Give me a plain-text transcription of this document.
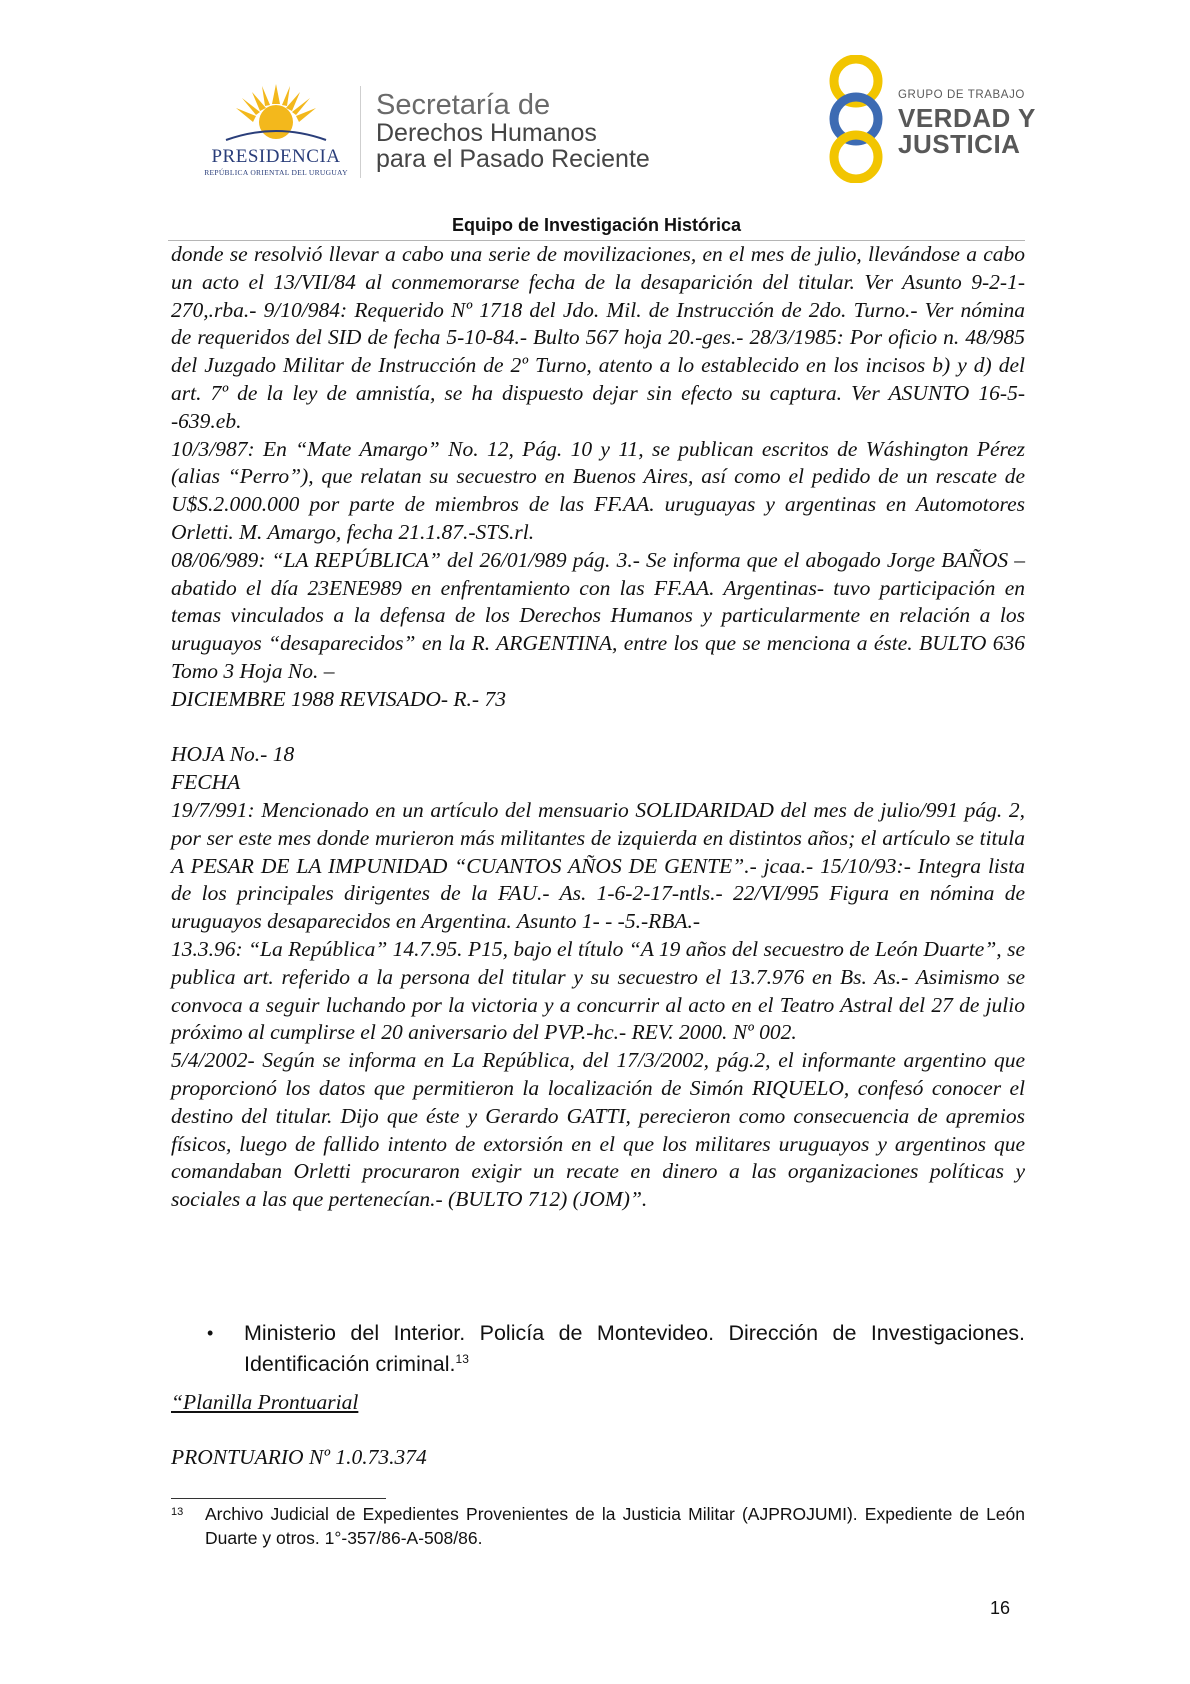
PRESIDENCIA
REPÚBLICA ORIENTAL DEL URUGUAY
Secretaría de
Derechos Humanos
para el Pasado Reciente
GRUPO DE TRABAJO
VERDAD Y
JUSTICIA
Equipo de Investigación Histórica

donde se resolvió llevar a cabo una serie de movilizaciones, en el mes de julio, llevándose a cabo un acto el 13/VII/84 al conmemorarse fecha de la desaparición del titular. Ver Asunto 9-2-1-270,.rba.- 9/10/984: Requerido Nº 1718 del Jdo. Mil. de Instrucción de 2do. Turno.- Ver nómina de requeridos del SID de fecha 5-10-84.- Bulto 567 hoja 20.-ges.- 28/3/1985: Por oficio n. 48/985 del Juzgado Militar de Instrucción de 2º Turno, atento a lo establecido en los incisos b) y d) del art. 7º de la ley de amnistía, se ha dispuesto dejar sin efecto su captura. Ver ASUNTO 16-5- -639.eb.

10/3/987: En “Mate Amargo” No. 12, Pág. 10 y 11, se publican escritos de Wáshington Pérez (alias “Perro”), que relatan su secuestro en Buenos Aires, así como el pedido de un rescate de U$S.2.000.000 por parte de miembros de las FF.AA. uruguayas y argentinas en Automotores Orletti. M. Amargo, fecha 21.1.87.-STS.rl.

08/06/989: “LA REPÚBLICA” del 26/01/989 pág. 3.- Se informa que el abogado Jorge BAÑOS – abatido el día 23ENE989 en enfrentamiento con las FF.AA. Argentinas- tuvo participación en temas vinculados a la defensa de los Derechos Humanos y particularmente en relación a los uruguayos “desaparecidos” en la R. ARGENTINA, entre los que se menciona a éste. BULTO 636 Tomo 3 Hoja No. –

DICIEMBRE 1988 REVISADO- R.- 73

HOJA No.- 18

FECHA

19/7/991: Mencionado en un artículo del mensuario SOLIDARIDAD del mes de julio/991 pág. 2, por ser este mes donde murieron más militantes de izquierda en distintos años; el artículo se titula A PESAR DE LA IMPUNIDAD “CUANTOS AÑOS DE GENTE”.- jcaa.- 15/10/93:- Integra lista de los principales dirigentes de la FAU.- As. 1-6-2-17-ntls.- 22/VI/995 Figura en nómina de uruguayos desaparecidos en Argentina. Asunto 1- - -5.-RBA.-

13.3.96: “La República” 14.7.95. P15, bajo el título “A 19 años del secuestro de León Duarte”, se publica art. referido a la persona del titular y su secuestro el 13.7.976 en Bs. As.- Asimismo se convoca a seguir luchando por la victoria y a concurrir al acto en el Teatro Astral del 27 de julio próximo al cumplirse el 20 aniversario del PVP.-hc.- REV. 2000. Nº 002.

5/4/2002- Según se informa en La República, del 17/3/2002, pág.2, el informante argentino que proporcionó los datos que permitieron la localización de Simón RIQUELO, confesó conocer el destino del titular. Dijo que éste y Gerardo GATTI, perecieron como consecuencia de apremios físicos, luego de fallido intento de extorsión en el que los militares uruguayos y argentinos que comandaban Orletti procuraron exigir un recate en dinero a las organizaciones políticas y sociales a las que pertenecían.- (BULTO 712) (JOM)”.

• Ministerio del Interior. Policía de Montevideo. Dirección de Investigaciones. Identificación criminal.$^{13}$
“Planilla Prontuarial
PRONTUARIO Nº 1.0.73.374
13 Archivo Judicial de Expedientes Provenientes de la Justicia Militar (AJPROJUMI). Expediente de León Duarte y otros. 1°-357/86-A-508/86.
16
